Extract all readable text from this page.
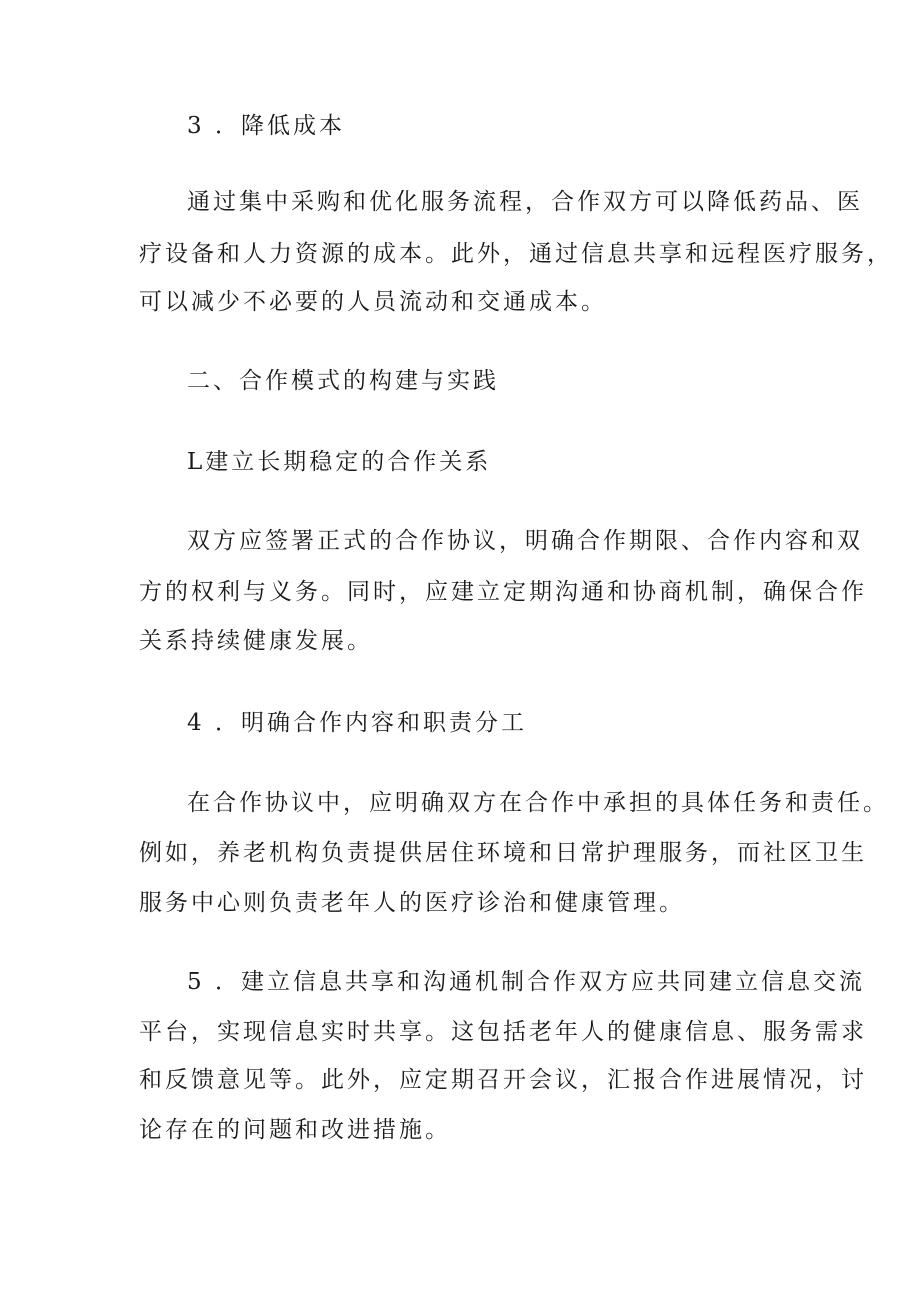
3 ．降低成本
通过集中采购和优化服务流程，合作双方可以降低药品、医
疗设备和人力资源的成本。此外，通过信息共享和远程医疗服务，
可以减少不必要的人员流动和交通成本。
二、合作模式的构建与实践
L建立长期稳定的合作关系
双方应签署正式的合作协议，明确合作期限、合作内容和双
方的权利与义务。同时，应建立定期沟通和协商机制，确保合作
关系持续健康发展。
4 ．明确合作内容和职责分工
在合作协议中，应明确双方在合作中承担的具体任务和责任。
例如，养老机构负责提供居住环境和日常护理服务，而社区卫生
服务中心则负责老年人的医疗诊治和健康管理。
5 ．建立信息共享和沟通机制合作双方应共同建立信息交流
平台，实现信息实时共享。这包括老年人的健康信息、服务需求
和反馈意见等。此外，应定期召开会议，汇报合作进展情况，讨
论存在的问题和改进措施。
